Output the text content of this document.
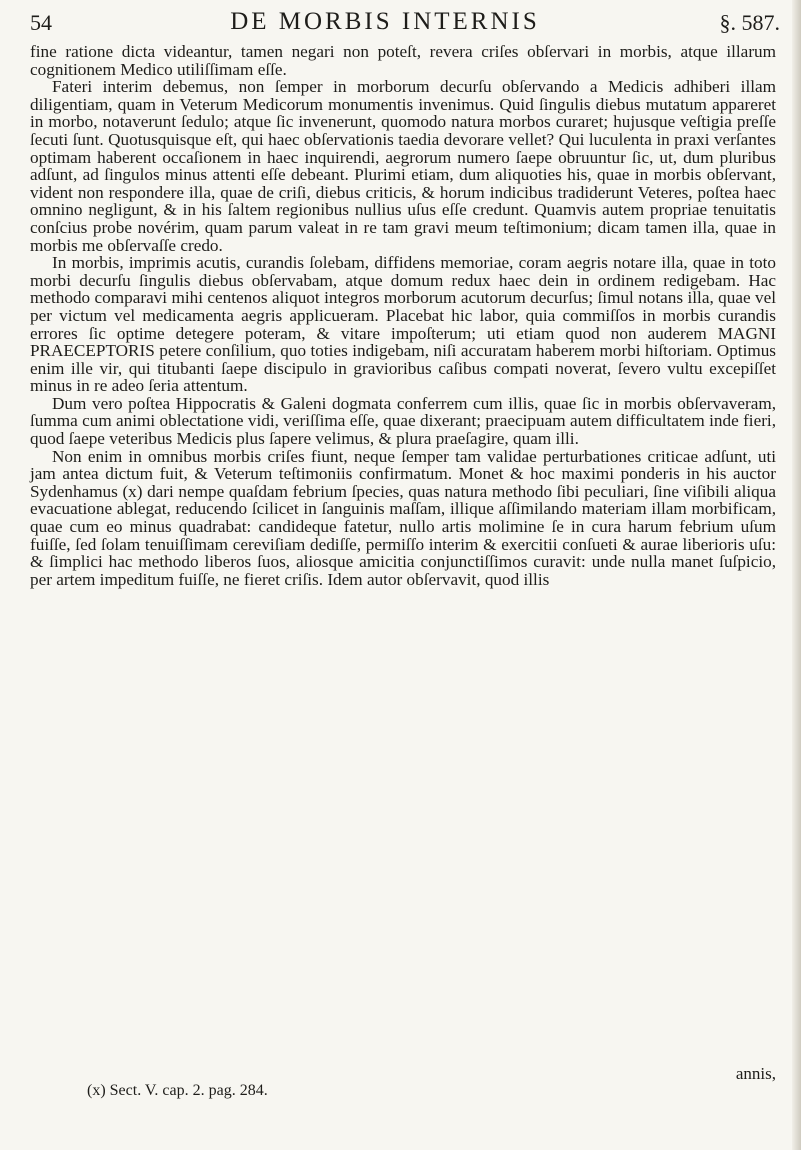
54	DE MORBIS INTERNIS	§. 587.

fine ratione dicta videantur, tamen negari non poteſt, revera criſes obſervari in morbis, atque illarum cognitionem Medico utiliſſimam eſſe.

Fateri interim debemus, non ſemper in morborum decurſu obſervando a Medicis adhiberi illam diligentiam, quam in Veterum Medicorum monumentis invenimus. Quid ſingulis diebus mutatum appareret in morbo, notaverunt ſedulo; atque ſic invenerunt, quomodo natura morbos curaret; hujusque veſtigia preſſe ſecuti ſunt. Quotusquisque eſt, qui haec obſervationis taedia devorare vellet? Qui luculenta in praxi verſantes optimam haberent occaſionem in haec inquirendi, aegrorum numero ſaepe obruuntur ſic, ut, dum pluribus adſunt, ad ſingulos minus attenti eſſe debeant. Plurimi etiam, dum aliquoties his, quae in morbis obſervant, vident non respondere illa, quae de criſi, diebus criticis, & horum indicibus tradiderunt Veteres, poſtea haec omnino negligunt, & in his ſaltem regionibus nullius uſus eſſe credunt. Quamvis autem propriae tenuitatis conſcius probe novérim, quam parum valeat in re tam gravi meum teſtimonium; dicam tamen illa, quae in morbis me obſervaſſe credo.

In morbis, imprimis acutis, curandis ſolebam, diffidens memoriae, coram aegris notare illa, quae in toto morbi decurſu ſingulis diebus obſervabam, atque domum redux haec dein in ordinem redigebam. Hac methodo comparavi mihi centenos aliquot integros morborum acutorum decurſus; ſimul notans illa, quae vel per victum vel medicamenta aegris applicueram. Placebat hic labor, quia commiſſos in morbis curandis errores ſic optime detegere poteram, & vitare impoſterum; uti etiam quod non auderem MAGNI PRAECEPTORIS petere conſilium, quo toties indigebam, niſi accuratam haberem morbi hiſtoriam. Optimus enim ille vir, qui titubanti ſaepe discipulo in gravioribus caſibus compati noverat, ſevero vultu excepiſſet minus in re adeo ſeria attentum.

Dum vero poſtea Hippocratis & Galeni dogmata conferrem cum illis, quae ſic in morbis obſervaveram, ſumma cum animi oblectatione vidi, veriſſima eſſe, quae dixerant; praecipuam autem difficultatem inde fieri, quod ſaepe veteribus Medicis plus ſapere velimus, & plura praeſagire, quam illi.

Non enim in omnibus morbis criſes fiunt, neque ſemper tam validae perturbationes criticae adſunt, uti jam antea dictum fuit, & Veterum teſtimoniis confirmatum. Monet & hoc maximi ponderis in his auctor Sydenhamus (x) dari nempe quaſdam febrium ſpecies, quas natura methodo ſibi peculiari, ſine viſibili aliqua evacuatione ablegat, reducendo ſcilicet in ſanguinis maſſam, illique aſſimilando materiam illam morbificam, quae cum eo minus quadrabat: candideque fatetur, nullo artis molimine ſe in cura harum febrium uſum fuiſſe, ſed ſolam tenuiſſimam cereviſiam dediſſe, permiſſo interim & exercitii conſueti & aurae liberioris uſu: & ſimplici hac methodo liberos ſuos, aliosque amicitia conjunctiſſimos curavit: unde nulla manet ſuſpicio, per artem impeditum fuiſſe, ne fieret criſis. Idem autor obſervavit, quod illis

annis,
(x) Sect. V. cap. 2. pag. 284.
